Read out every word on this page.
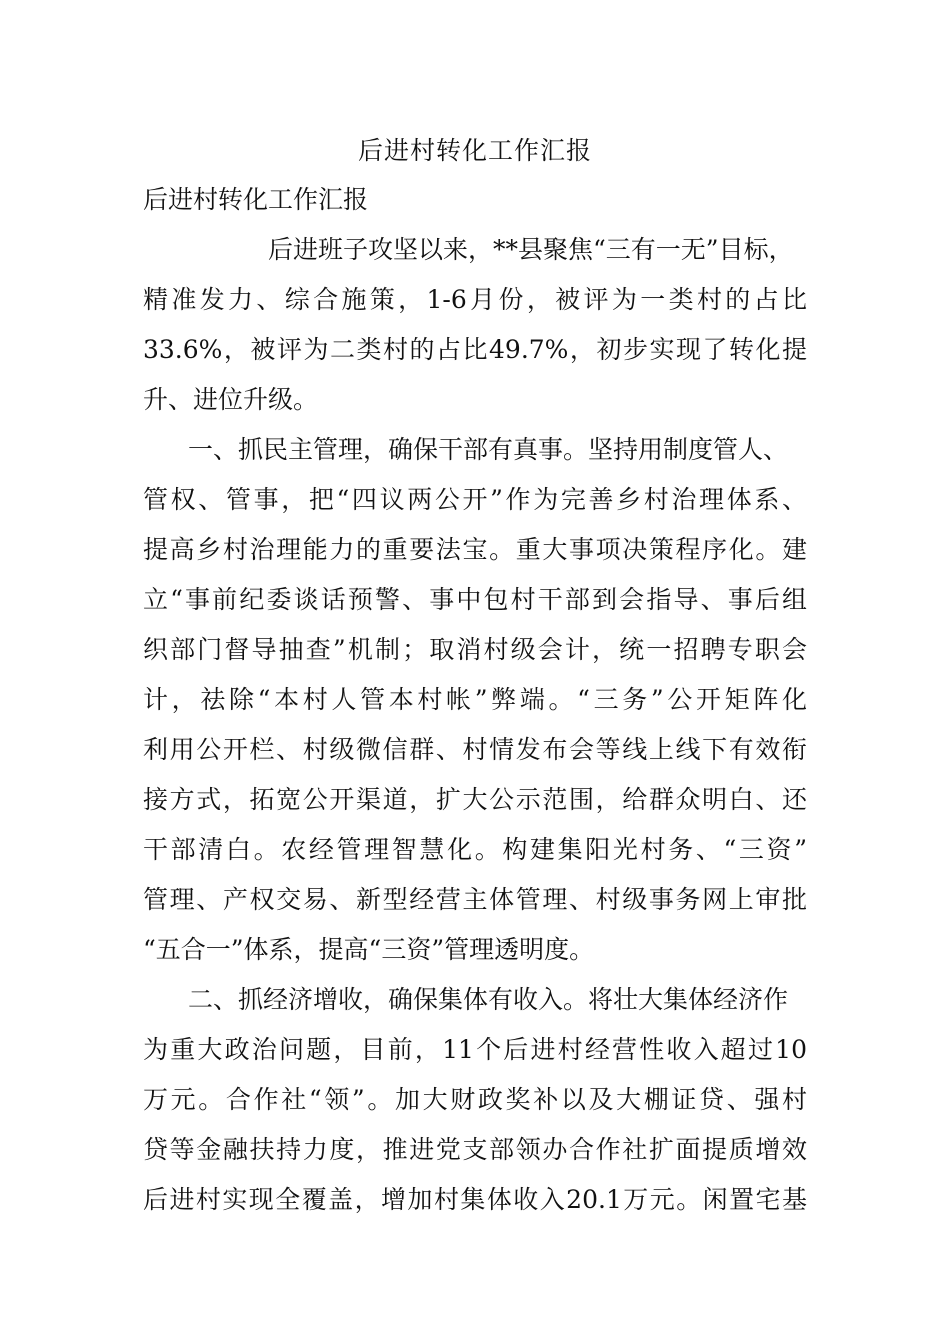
后进村转化工作汇报
后进村转化工作汇报
后进班子攻坚以来，**县聚焦“三有一无”目标，
精准发力、综合施策，1-6月份，被评为一类村的占比
33.6%，被评为二类村的占比49.7%，初步实现了转化提
升、进位升级。
一、抓民主管理，确保干部有真事。坚持用制度管人、
管权、管事，把“四议两公开”作为完善乡村治理体系、
提高乡村治理能力的重要法宝。重大事项决策程序化。建
立“事前纪委谈话预警、事中包村干部到会指导、事后组
织部门督导抽查”机制；取消村级会计，统一招聘专职会
计，祛除“本村人管本村帐”弊端。“三务”公开矩阵化
利用公开栏、村级微信群、村情发布会等线上线下有效衔
接方式，拓宽公开渠道，扩大公示范围，给群众明白、还
干部清白。农经管理智慧化。构建集阳光村务、“三资”
管理、产权交易、新型经营主体管理、村级事务网上审批
“五合一”体系，提高“三资”管理透明度。
二、抓经济增收，确保集体有收入。将壮大集体经济作
为重大政治问题，目前，11个后进村经营性收入超过10
万元。合作社“领”。加大财政奖补以及大棚证贷、强村
贷等金融扶持力度，推进党支部领办合作社扩面提质增效
后进村实现全覆盖，增加村集体收入20.1万元。闲置宅基
